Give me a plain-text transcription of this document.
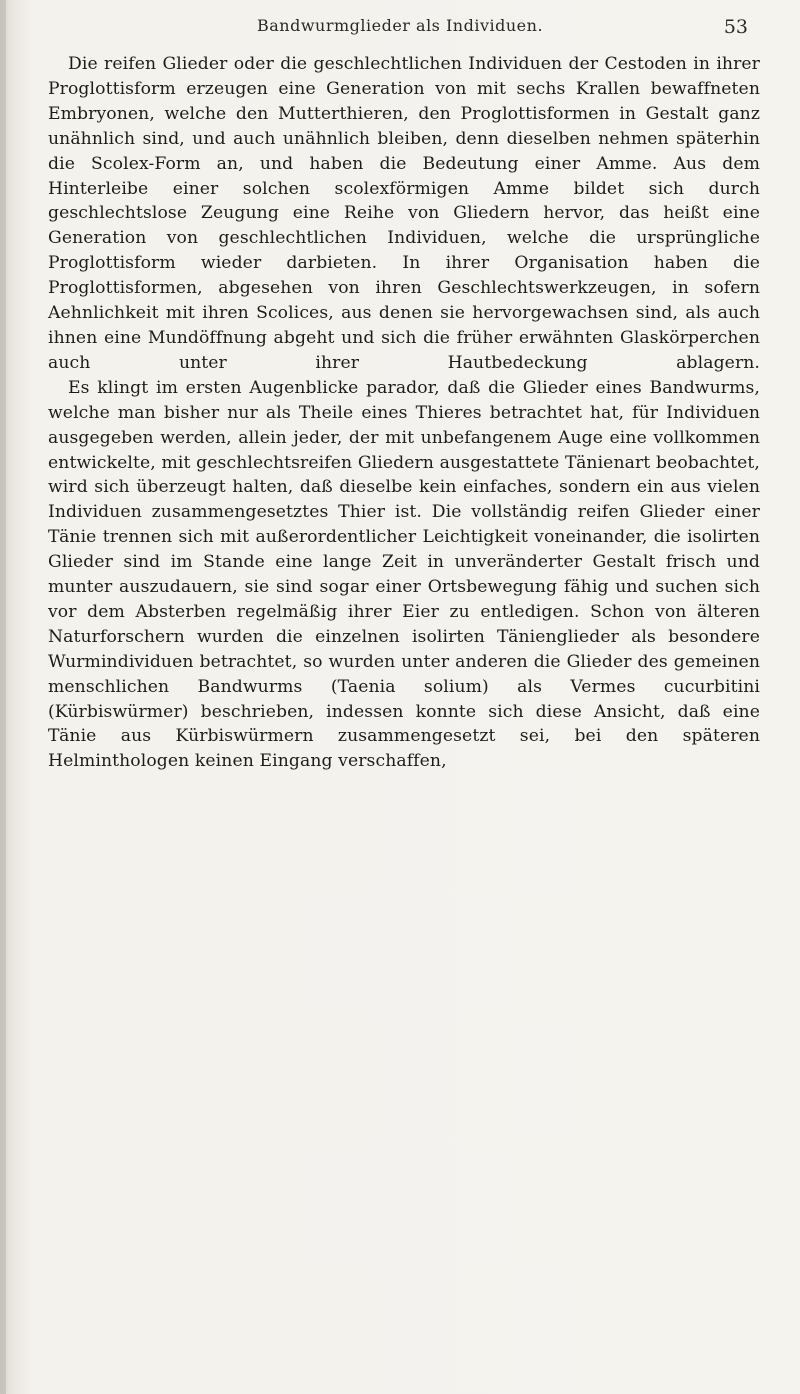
Bandwurmglieder als Individuen.	53

Die reifen Glieder oder die geschlechtlichen Individuen der Cestoden in ihrer Proglottisform erzeugen eine Generation von mit sechs Krallen bewaffneten Embryonen, welche den Mutterthieren, den Proglottisformen in Gestalt ganz unähnlich sind, und auch unähnlich bleiben, denn dieselben nehmen späterhin die Scolex-Form an, und haben die Bedeutung einer Amme. Aus dem Hinterleibe einer solchen scolexförmigen Amme bildet sich durch geschlechtslose Zeugung eine Reihe von Gliedern hervor, das heißt eine Generation von geschlechtlichen Individuen, welche die ursprüngliche Proglottisform wieder darbieten. In ihrer Organisation haben die Proglottisformen, abgesehen von ihren Geschlechtswerkzeugen, in sofern Aehnlichkeit mit ihren Scolices, aus denen sie hervorgewachsen sind, als auch ihnen eine Mundöffnung abgeht und sich die früher erwähnten Glaskörperchen auch unter ihrer Hautbedeckung ablagern.

Es klingt im ersten Augenblicke parador, daß die Glieder eines Bandwurms, welche man bisher nur als Theile eines Thieres betrachtet hat, für Individuen ausgegeben werden, allein jeder, der mit unbefangenem Auge eine vollkommen entwickelte, mit geschlechtsreifen Gliedern ausgestattete Tänienart beobachtet, wird sich überzeugt halten, daß dieselbe kein einfaches, sondern ein aus vielen Individuen zusammengesetztes Thier ist. Die vollständig reifen Glieder einer Tänie trennen sich mit außerordentlicher Leichtigkeit voneinander, die isolirten Glieder sind im Stande eine lange Zeit in unveränderter Gestalt frisch und munter auszudauern, sie sind sogar einer Ortsbewegung fähig und suchen sich vor dem Absterben regelmäßig ihrer Eier zu entledigen. Schon von älteren Naturforschern wurden die einzelnen isolirten Tänienglieder als besondere Wurmindividuen betrachtet, so wurden unter anderen die Glieder des gemeinen menschlichen Bandwurms (Taenia solium) als Vermes cucurbitini (Kürbiswürmer) beschrieben, indessen konnte sich diese Ansicht, daß eine Tänie aus Kürbiswürmern zusammengesetzt sei, bei den späteren Helminthologen keinen Eingang verschaffen,
